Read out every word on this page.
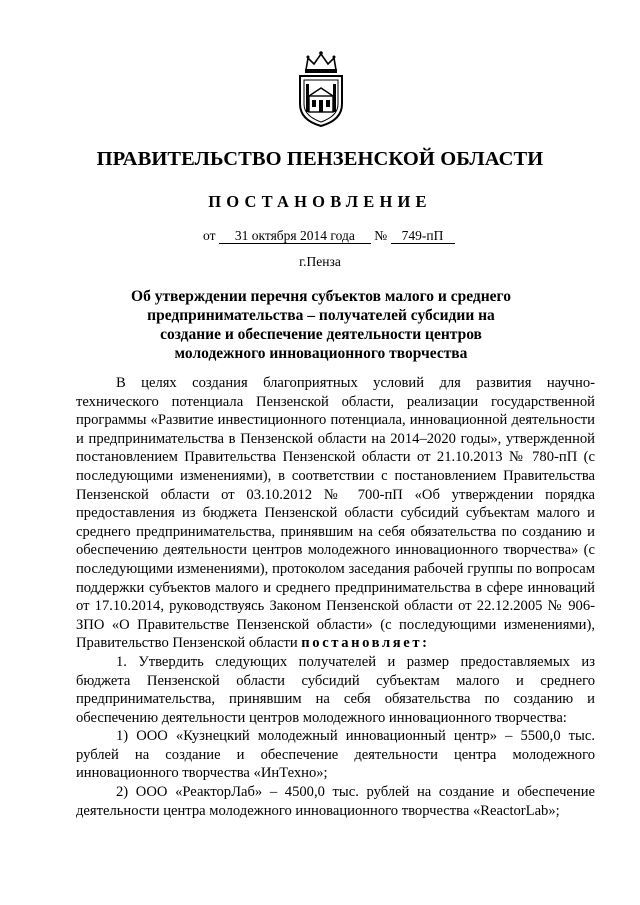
ПРАВИТЕЛЬСТВО ПЕНЗЕНСКОЙ ОБЛАСТИ
ПОСТАНОВЛЕНИЕ
от 31 октября 2014 года № 749-пП
г.Пенза
Об утверждении перечня субъектов малого и среднего предпринимательства – получателей субсидии на создание и обеспечение деятельности центров молодежного инновационного творчества

В целях создания благоприятных условий для развития научно-технического потенциала Пензенской области, реализации государственной программы «Развитие инвестиционного потенциала, инновационной деятельности и предпринимательства в Пензенской области на 2014–2020 годы», утвержденной постановлением Правительства Пензенской области от 21.10.2013 № 780-пП (с последующими изменениями), в соответствии с постановлением Правительства Пензенской области от 03.10.2012 № 700-пП «Об утверждении порядка предоставления из бюджета Пензенской области субсидий субъектам малого и среднего предпринимательства, принявшим на себя обязательства по созданию и обеспечению деятельности центров молодежного инновационного творчества» (с последующими изменениями), протоколом заседания рабочей группы по вопросам поддержки субъектов малого и среднего предпринимательства в сфере инноваций от 17.10.2014, руководствуясь Законом Пензенской области от 22.12.2005 № 906-ЗПО «О Правительстве Пензенской области» (с последующими изменениями), Правительство Пензенской области постановляет:

1. Утвердить следующих получателей и размер предоставляемых из бюджета Пензенской области субсидий субъектам малого и среднего предпринимательства, принявшим на себя обязательства по созданию и обеспечению деятельности центров молодежного инновационного творчества:

1) ООО «Кузнецкий молодежный инновационный центр» – 5500,0 тыс. рублей на создание и обеспечение деятельности центра молодежного инновационного творчества «ИнТехно»;

2) ООО «РеакторЛаб» – 4500,0 тыс. рублей на создание и обеспечение деятельности центра молодежного инновационного творчества «ReactorLab»;
